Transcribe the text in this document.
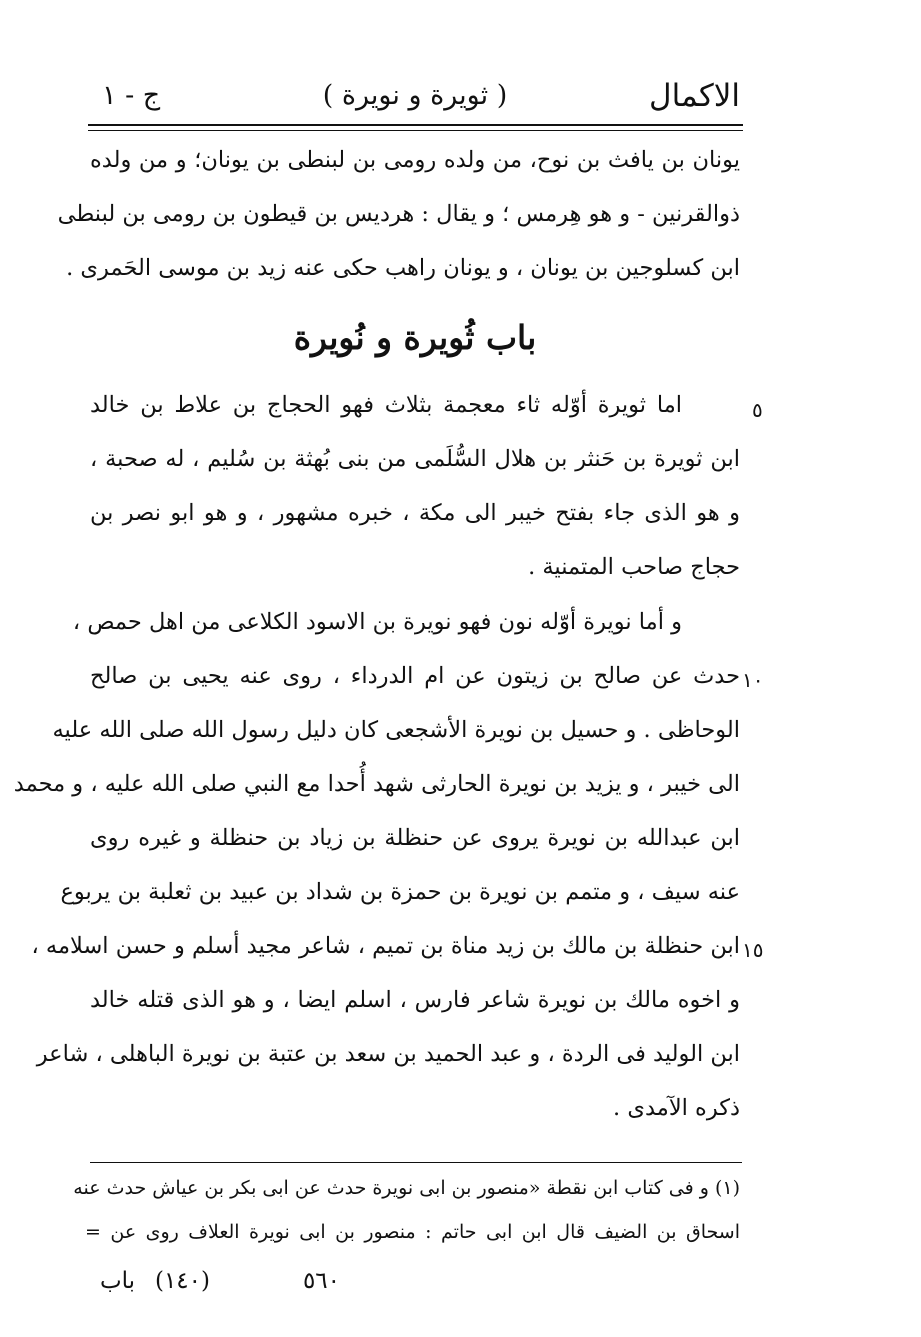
الاكمال
( ثويرة و نويرة )
ج - ١
يونان بن يافث بن نوح، من ولده رومى بن لبنطى بن يونان؛ و من ولده
ذوالقرنين - و هو هِرمس ؛ و يقال : هرديس بن قيطون بن رومى بن لبنطى
ابن كسلوجين بن يونان ، و يونان راهب حكى عنه زيد بن موسى الحَمرى .
باب ثُويرة و نُويرة
اما ثويرة أوّله ثاء معجمة بثلاث فهو الحجاج بن علاط بن خالد
ابن ثويرة بن حَنثر بن هلال السُّلَمى من بنى بُهثة بن سُليم ، له صحبة ،
و هو الذى جاء بفتح خيبر الى مكة ، خبره مشهور ، و هو ابو نصر بن
حجاج صاحب المتمنية .
و أما نويرة أوّله نون فهو نويرة بن الاسود الكلاعى من اهل حمص ،
حدث عن صالح بن زيتون عن ام الدرداء ، روى عنه يحيى بن صالح
الوحاظى . و حسيل بن نويرة الأشجعى كان دليل رسول الله صلى الله عليه
الى خيبر ، و يزيد بن نويرة الحارثى شهد أُحدا مع النبي صلى الله عليه ، و محمد
ابن عبدالله بن نويرة يروى عن حنظلة بن زياد بن حنظلة و غيره روى
عنه سيف ، و متمم بن نويرة بن حمزة بن شداد بن عبيد بن ثعلبة بن يربوع
ابن حنظلة بن مالك بن زيد مناة بن تميم ، شاعر مجيد أسلم و حسن اسلامه ،
و اخوه مالك بن نويرة شاعر فارس ، اسلم ايضا ، و هو الذى قتله خالد
ابن الوليد فى الردة ، و عبد الحميد بن سعد بن عتبة بن نويرة الباهلى ، شاعر
ذكره الآمدى .
٥
١٠
١٥
(١) و فى كتاب ابن نقطة «منصور بن ابى نويرة حدث عن ابى بكر بن عياش حدث عنه
اسحاق بن الضيف قال ابن ابى حاتم : منصور بن ابى نويرة العلاف روى عن =
(١٤٠)	٥٦٠
باب
